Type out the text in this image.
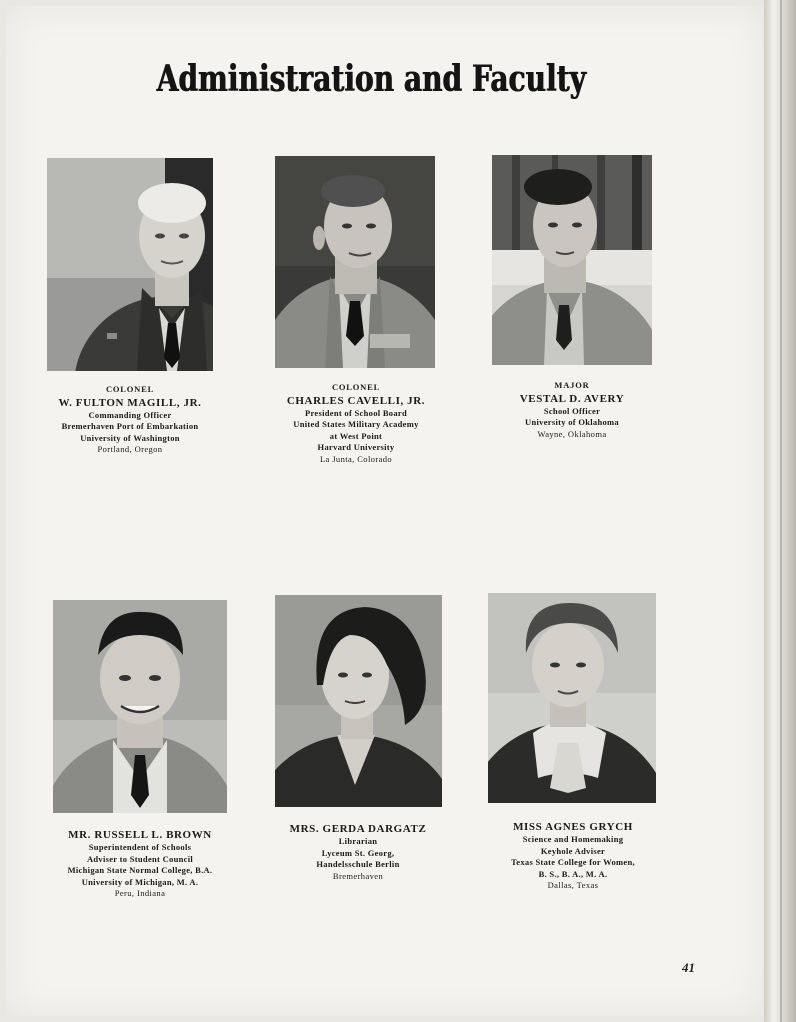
Administration and Faculty
COLONEL
W. FULTON MAGILL, JR.
Commanding Officer
Bremerhaven Port of Embarkation
University of Washington
Portland, Oregon
COLONEL
CHARLES CAVELLI, JR.
President of School Board
United States Military Academy
at West Point
Harvard University
La Junta, Colorado
MAJOR
VESTAL D. AVERY
School Officer
University of Oklahoma
Wayne, Oklahoma
MR. RUSSELL L. BROWN
Superintendent of Schools
Adviser to Student Council
Michigan State Normal College, B.A.
University of Michigan, M. A.
Peru, Indiana
MRS. GERDA DARGATZ
Librarian
Lyceum St. Georg,
Handelsschule Berlin
Bremerhaven
MISS AGNES GRYCH
Science and Homemaking
Keyhole Adviser
Texas State College for Women,
B. S., B. A., M. A.
Dallas, Texas
41
